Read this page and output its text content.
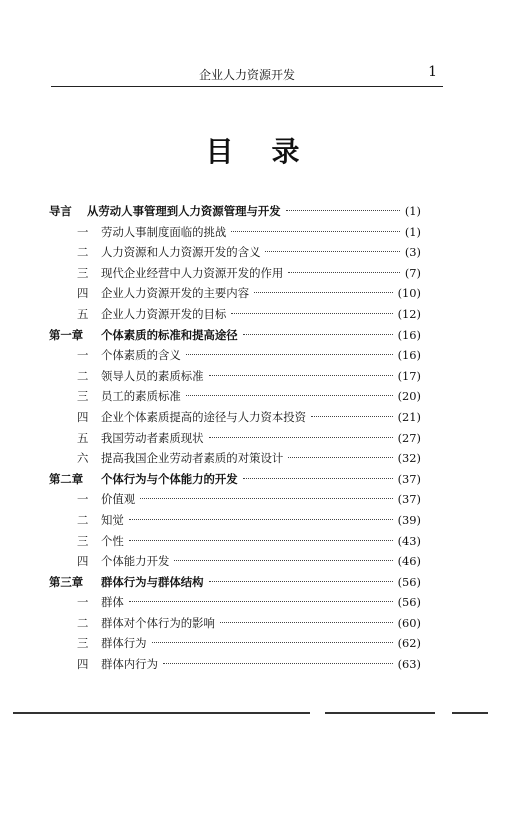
企业人力资源开发	1
目录
导言 从劳动人事管理到人力资源管理与开发	(1)
一 劳动人事制度面临的挑战	(1)
二 人力资源和人力资源开发的含义	(3)
三 现代企业经营中人力资源开发的作用	(7)
四 企业人力资源开发的主要内容	(10)
五 企业人力资源开发的目标	(12)
第一章 个体素质的标准和提高途径	(16)
一 个体素质的含义	(16)
二 领导人员的素质标准	(17)
三 员工的素质标准	(20)
四 企业个体素质提高的途径与人力资本投资	(21)
五 我国劳动者素质现状	(27)
六 提高我国企业劳动者素质的对策设计	(32)
第二章 个体行为与个体能力的开发	(37)
一 价值观	(37)
二 知觉	(39)
三 个性	(43)
四 个体能力开发	(46)
第三章 群体行为与群体结构	(56)
一 群体	(56)
二 群体对个体行为的影响	(60)
三 群体行为	(62)
四 群体内行为	(63)
